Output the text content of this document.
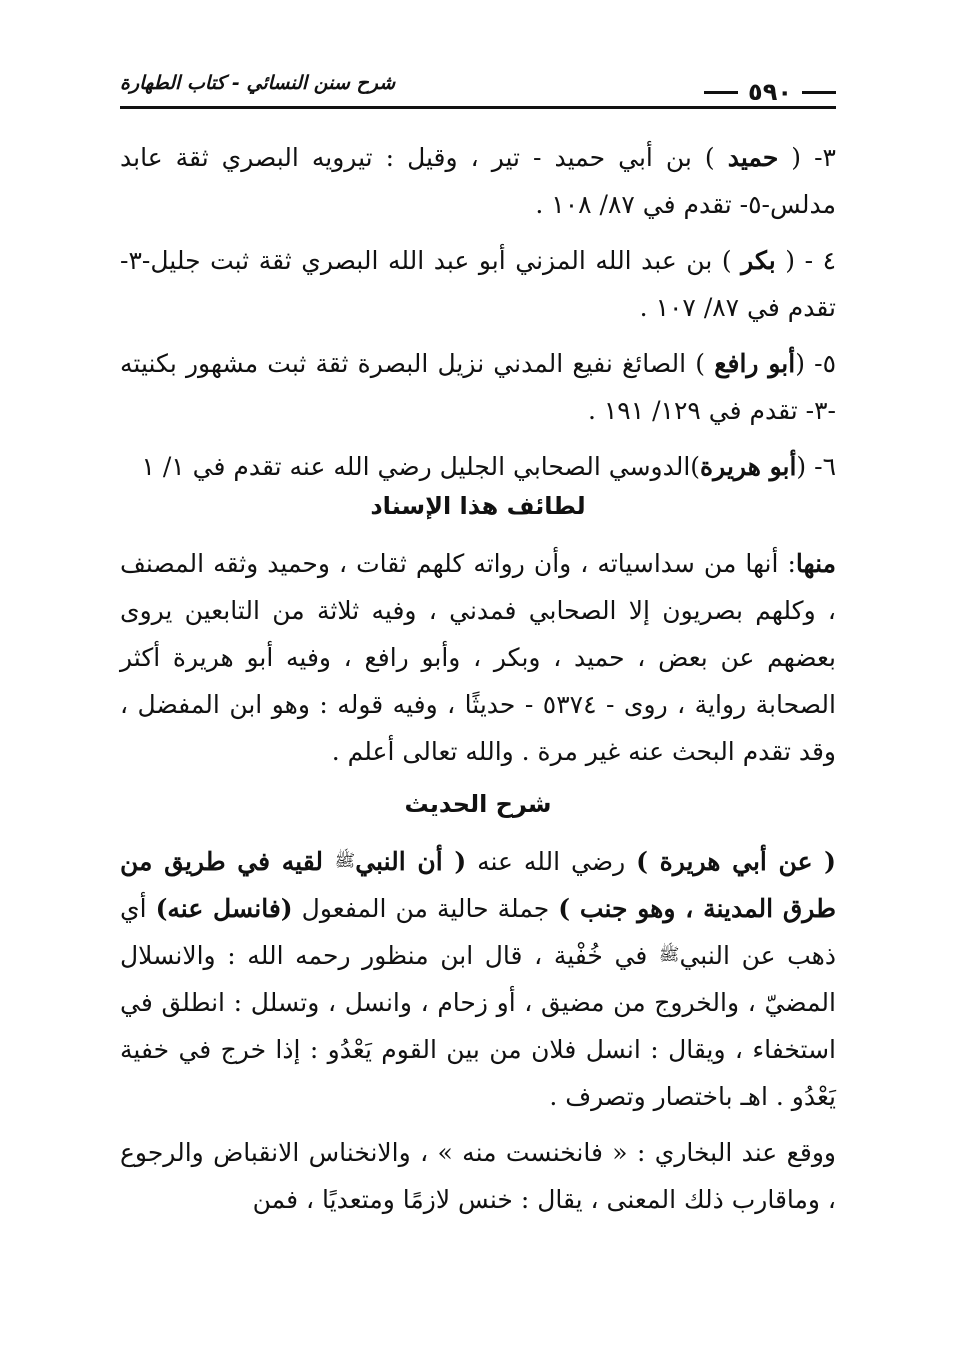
٥٩٠
شرح سنن النسائي - كتاب الطهارة

٣- ( حميد ) بن أبي حميد - تير ، وقيل : تيرويه البصري ثقة عابد مدلس-٥- تقدم في ٨٧/ ١٠٨ .

٤ - ( بكر ) بن عبد الله المزني أبو عبد الله البصري ثقة ثبت جليل-٣- تقدم في ٨٧/ ١٠٧ .

٥- (أبو رافع ) الصائغ نفيع المدني نزيل البصرة ثقة ثبت مشهور بكنيته -٣- تقدم في ١٢٩/ ١٩١ .

٦- (أبو هريرة)الدوسي الصحابي الجليل رضي الله عنه تقدم في ١/ ١

لطائف هذا الإسناد

منها: أنها من سداسياته ، وأن رواته كلهم ثقات ، وحميد وثقه المصنف ، وكلهم بصريون إلا الصحابي فمدني ، وفيه ثلاثة من التابعين يروى بعضهم عن بعض ، حميد ، وبكر ، وأبو رافع ، وفيه أبو هريرة أكثر الصحابة رواية ، روى - ٥٣٧٤ - حديثًا ، وفيه قوله : وهو ابن المفضل ، وقد تقدم البحث عنه غير مرة . والله تعالى أعلم .

شرح الحديث

( عن أبي هريرة ) رضي الله عنه ( أن النبيﷺ لقيه في طريق من طرق المدينة ، وهو جنب ) جملة حالية من المفعول (فانسل عنه) أي ذهب عن النبيﷺ في خُفْية ، قال ابن منظور رحمه الله : والانسلال المضيّ ، والخروج من مضيق ، أو زحام ، وانسل ، وتسلل : انطلق في استخفاء ، ويقال : انسل فلان من بين القوم يَعْدُو : إذا خرج في خفية يَعْدُو . اهـ باختصار وتصرف .

ووقع عند البخاري : « فانخنست منه » ، والانخناس الانقباض والرجوع ، وماقارب ذلك المعنى ، يقال : خنس لازمًا ومتعديًا ، فمن
